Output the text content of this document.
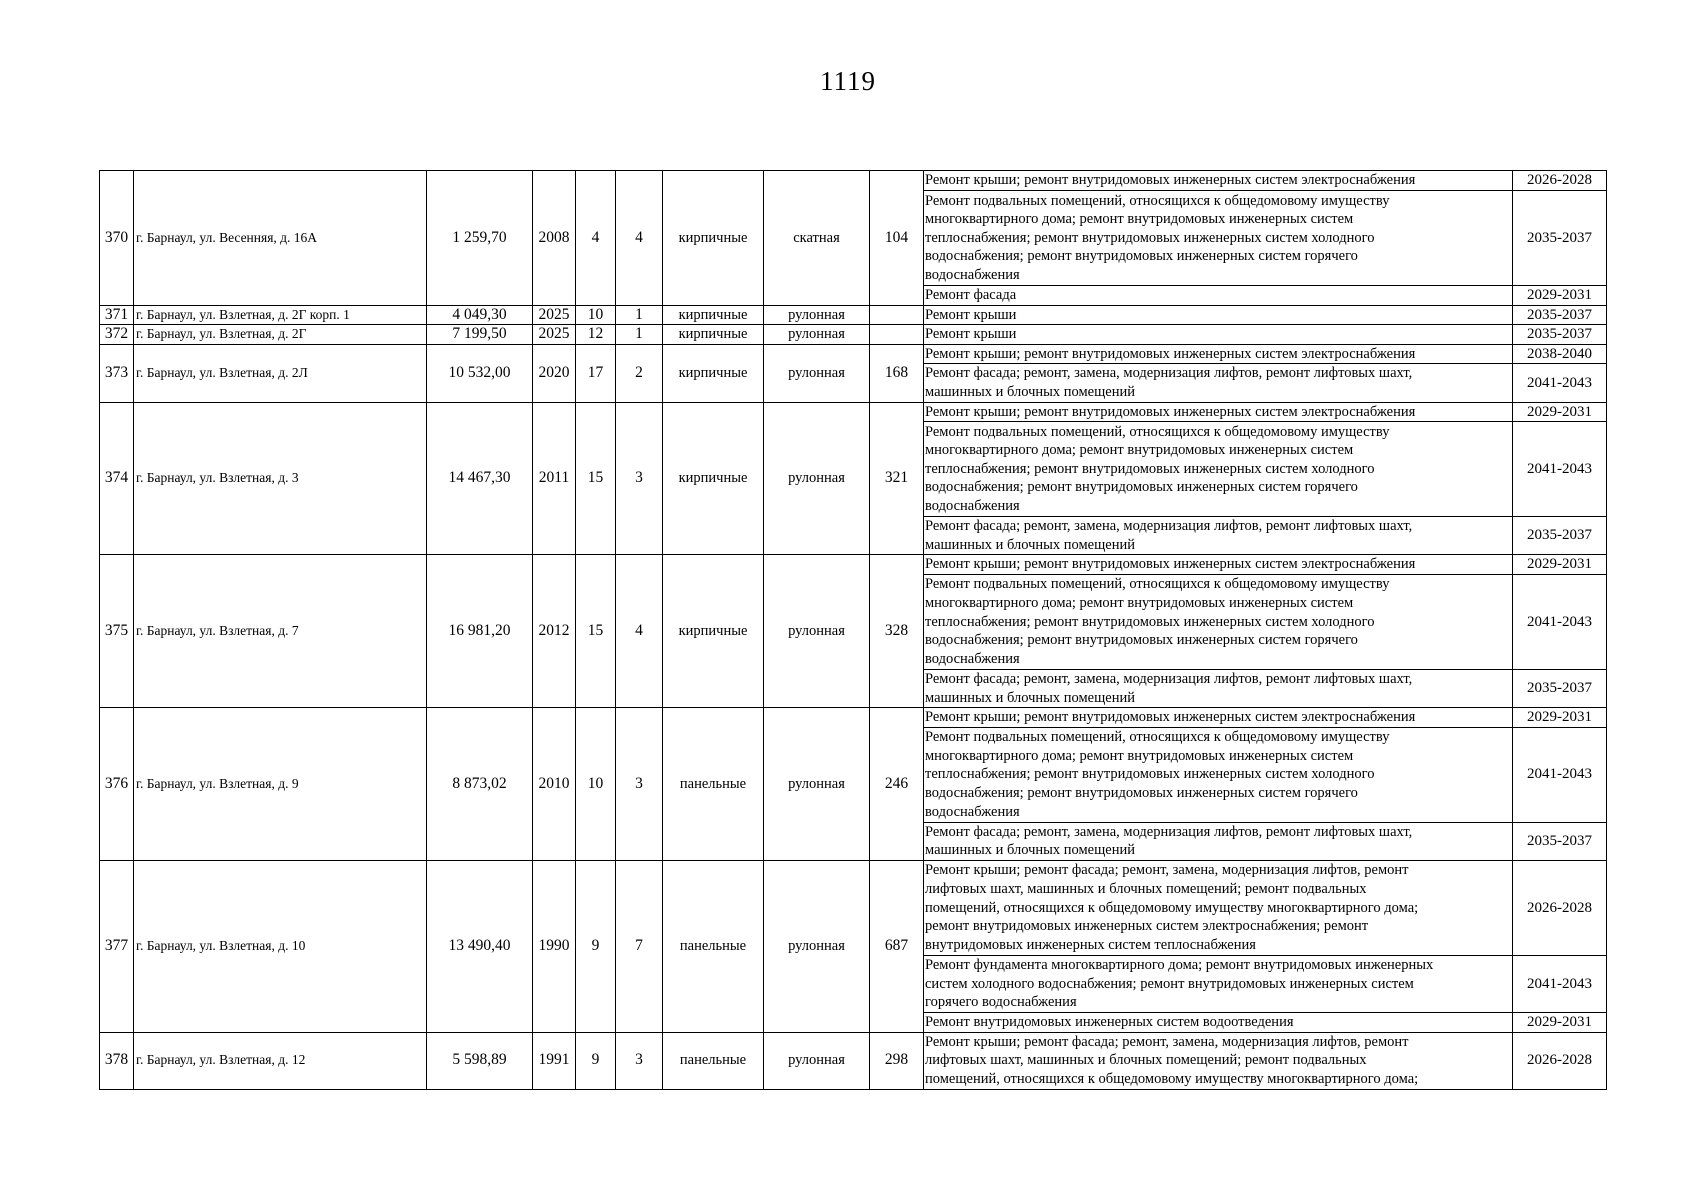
1119
370	г. Барнаул, ул. Весенняя, д. 16А	1 259,70	2008	4	4	кирпичные	скатная	104	Ремонт крыши; ремонт внутридомовых инженерных систем электроснабжения	2026-2028
									Ремонт подвальных помещений, относящихся к общедомовому имуществу
многоквартирного дома; ремонт внутридомовых инженерных систем
теплоснабжения; ремонт внутридомовых инженерных систем холодного
водоснабжения; ремонт внутридомовых инженерных систем горячего
водоснабжения	2035-2037
									Ремонт фасада	2029-2031
371	г. Барнаул, ул. Взлетная, д. 2Г корп. 1	4 049,30	2025	10	1	кирпичные	рулонная		Ремонт крыши	2035-2037
372	г. Барнаул, ул. Взлетная, д. 2Г	7 199,50	2025	12	1	кирпичные	рулонная		Ремонт крыши	2035-2037
373	г. Барнаул, ул. Взлетная, д. 2Л	10 532,00	2020	17	2	кирпичные	рулонная	168	Ремонт крыши; ремонт внутридомовых инженерных систем электроснабжения	2038-2040
									Ремонт фасада; ремонт, замена, модернизация лифтов, ремонт лифтовых шахт,
машинных и блочных помещений	2041-2043
374	г. Барнаул, ул. Взлетная, д. 3	14 467,30	2011	15	3	кирпичные	рулонная	321	Ремонт крыши; ремонт внутридомовых инженерных систем электроснабжения	2029-2031
									Ремонт подвальных помещений, относящихся к общедомовому имуществу
многоквартирного дома; ремонт внутридомовых инженерных систем
теплоснабжения; ремонт внутридомовых инженерных систем холодного
водоснабжения; ремонт внутридомовых инженерных систем горячего
водоснабжения	2041-2043
									Ремонт фасада; ремонт, замена, модернизация лифтов, ремонт лифтовых шахт,
машинных и блочных помещений	2035-2037
375	г. Барнаул, ул. Взлетная, д. 7	16 981,20	2012	15	4	кирпичные	рулонная	328	Ремонт крыши; ремонт внутридомовых инженерных систем электроснабжения	2029-2031
									Ремонт подвальных помещений, относящихся к общедомовому имуществу
многоквартирного дома; ремонт внутридомовых инженерных систем
теплоснабжения; ремонт внутридомовых инженерных систем холодного
водоснабжения; ремонт внутридомовых инженерных систем горячего
водоснабжения	2041-2043
									Ремонт фасада; ремонт, замена, модернизация лифтов, ремонт лифтовых шахт,
машинных и блочных помещений	2035-2037
376	г. Барнаул, ул. Взлетная, д. 9	8 873,02	2010	10	3	панельные	рулонная	246	Ремонт крыши; ремонт внутридомовых инженерных систем электроснабжения	2029-2031
									Ремонт подвальных помещений, относящихся к общедомовому имуществу
многоквартирного дома; ремонт внутридомовых инженерных систем
теплоснабжения; ремонт внутридомовых инженерных систем холодного
водоснабжения; ремонт внутридомовых инженерных систем горячего
водоснабжения	2041-2043
									Ремонт фасада; ремонт, замена, модернизация лифтов, ремонт лифтовых шахт,
машинных и блочных помещений	2035-2037
377	г. Барнаул, ул. Взлетная, д. 10	13 490,40	1990	9	7	панельные	рулонная	687	Ремонт крыши; ремонт фасада; ремонт, замена, модернизация лифтов, ремонт
лифтовых шахт, машинных и блочных помещений; ремонт подвальных
помещений, относящихся к общедомовому имуществу многоквартирного дома;
ремонт внутридомовых инженерных систем электроснабжения; ремонт
внутридомовых инженерных систем теплоснабжения	2026-2028
									Ремонт фундамента многоквартирного дома; ремонт внутридомовых инженерных
систем холодного водоснабжения; ремонт внутридомовых инженерных систем
горячего водоснабжения	2041-2043
									Ремонт внутридомовых инженерных систем водоотведения	2029-2031
378	г. Барнаул, ул. Взлетная, д. 12	5 598,89	1991	9	3	панельные	рулонная	298	Ремонт крыши; ремонт фасада; ремонт, замена, модернизация лифтов, ремонт
лифтовых шахт, машинных и блочных помещений; ремонт подвальных
помещений, относящихся к общедомовому имуществу многоквартирного дома;	2026-2028
